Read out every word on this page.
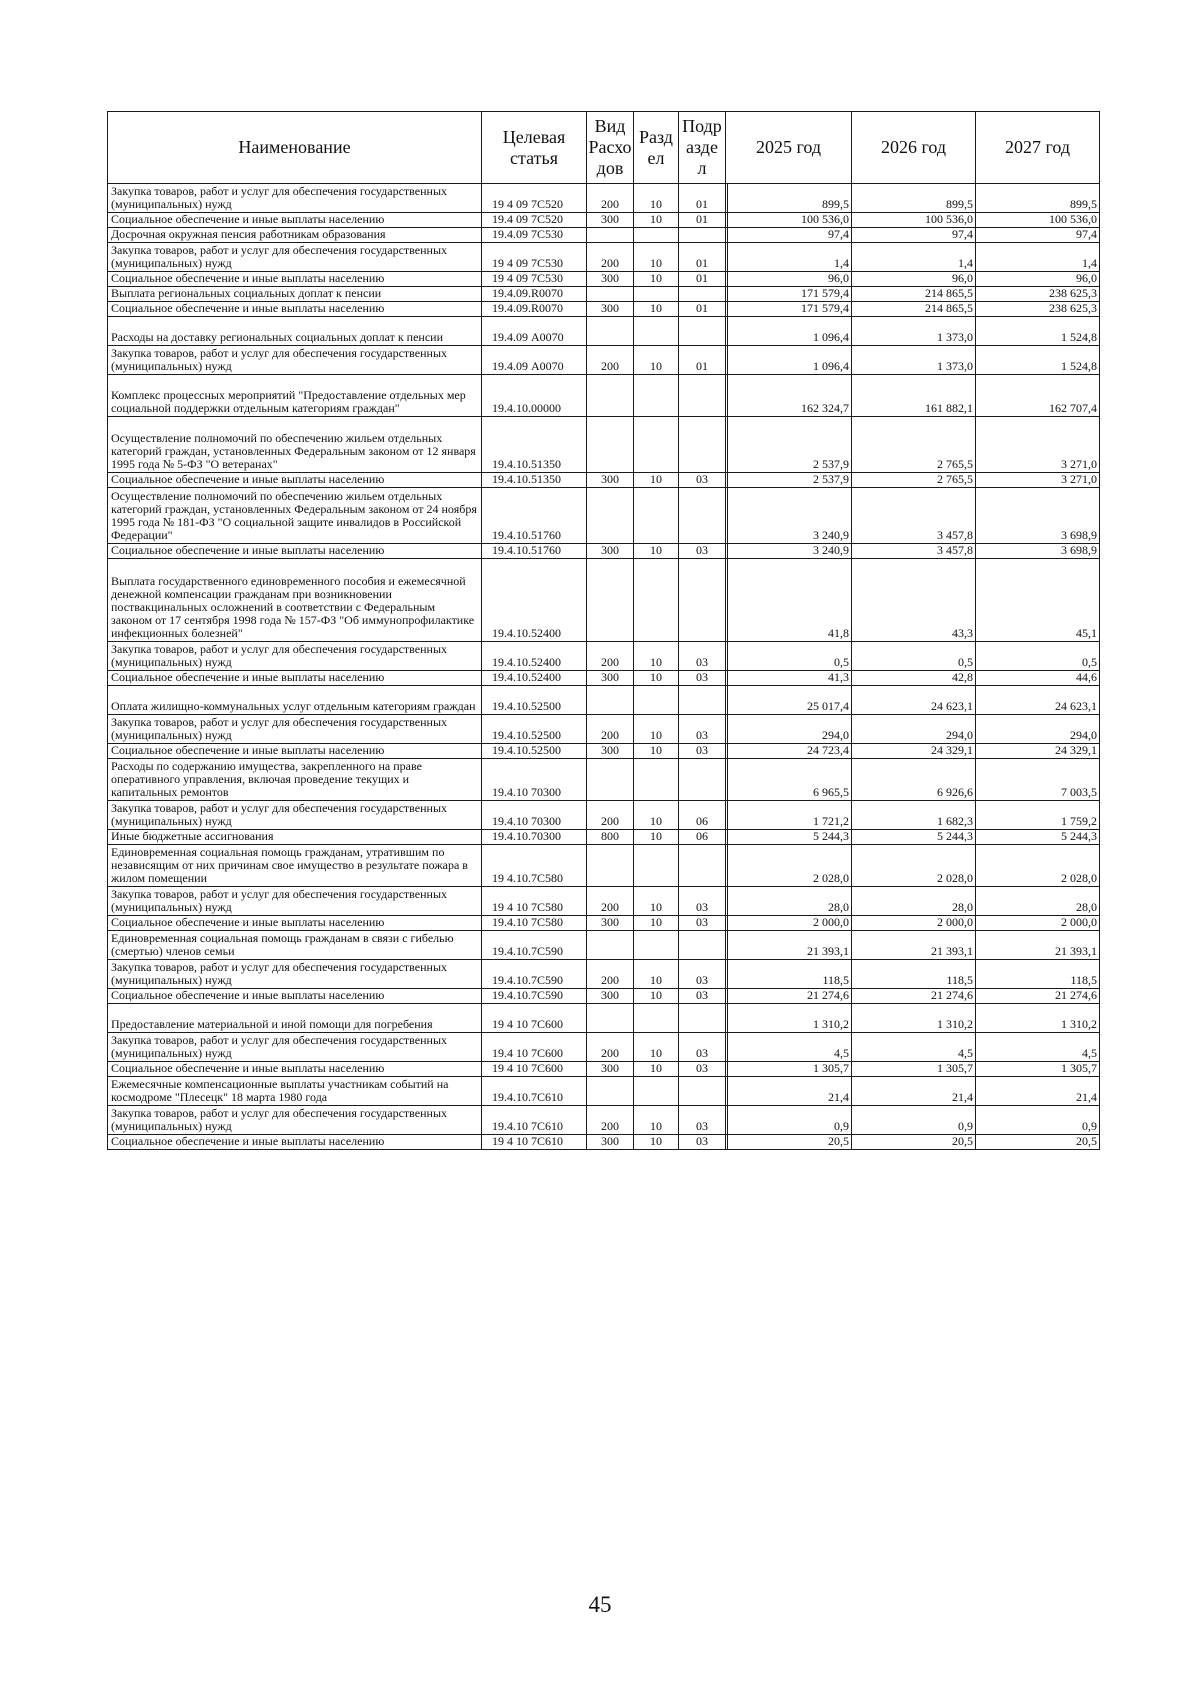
Наименование	Целевая статья	Вид Расхо дов	Разд ел	Подр азде л	2025 год		2026 год	2027 год
Закупка товаров, работ и услуг для обеспечения государственных (муниципальных) нужд	19 4 09 7С520	200	10	01		899,5	899,5	899,5
Социальное обеспечение и иные выплаты населению	19.4 09 7С520	300	10	01		100 536,0	100 536,0	100 536,0
Досрочная окружная пенсия работникам образования	19.4.09 7С530					97,4	97,4	97,4
Закупка товаров, работ и услуг для обеспечения государственных (муниципальных) нужд	19 4 09 7С530	200	10	01		1,4	1,4	1,4
Социальное обеспечение и иные выплаты населению	19 4 09 7С530	300	10	01		96,0	96,0	96,0
Выплата региональных социальных доплат к пенсии	19.4.09.R0070					171 579,4	214 865,5	238 625,3
Социальное обеспечение и иные выплаты населению	19.4.09.R0070	300	10	01		171 579,4	214 865,5	238 625,3
Расходы на доставку региональных социальных доплат к пенсии	19.4.09 А0070					1 096,4	1 373,0	1 524,8
Закупка товаров, работ и услуг для обеспечения государственных (муниципальных) нужд	19.4.09 А0070	200	10	01		1 096,4	1 373,0	1 524,8
Комплекс процессных мероприятий "Предоставление отдельных мер социальной поддержки отдельным категориям граждан"	19.4.10.00000					162 324,7	161 882,1	162 707,4
Осуществление полномочий по обеспечению жильем отдельных категорий граждан, установленных Федеральным законом от 12 января 1995 года № 5-ФЗ "О ветеранах"	19.4.10.51350					2 537,9	2 765,5	3 271,0
Социальное обеспечение и иные выплаты населению	19.4.10.51350	300	10	03		2 537,9	2 765,5	3 271,0
Осуществление полномочий по обеспечению жильем отдельных категорий граждан, установленных Федеральным законом от 24 ноября 1995 года № 181-ФЗ "О социальной защите инвалидов в Российской Федерации"	19.4.10.51760					3 240,9	3 457,8	3 698,9
Социальное обеспечение и иные выплаты населению	19.4.10.51760	300	10	03		3 240,9	3 457,8	3 698,9
Выплата государственного единовременного пособия и ежемесячной денежной компенсации гражданам при возникновении поствакцинальных осложнений в соответствии с Федеральным законом от 17 сентября 1998 года № 157-ФЗ "Об иммунопрофилактике инфекционных болезней"	19.4.10.52400					41,8	43,3	45,1
Закупка товаров, работ и услуг для обеспечения государственных (муниципальных) нужд	19.4.10.52400	200	10	03		0,5	0,5	0,5
Социальное обеспечение и иные выплаты населению	19.4.10.52400	300	10	03		41,3	42,8	44,6
Оплата жилищно-коммунальных услуг отдельным категориям граждан	19.4.10.52500					25 017,4	24 623,1	24 623,1
Закупка товаров, работ и услуг для обеспечения государственных (муниципальных) нужд	19.4.10.52500	200	10	03		294,0	294,0	294,0
Социальное обеспечение и иные выплаты населению	19.4.10.52500	300	10	03		24 723,4	24 329,1	24 329,1
Расходы по содержанию имущества, закрепленного на праве оперативного управления, включая проведение текущих и капитальных ремонтов	19.4.10 70300					6 965,5	6 926,6	7 003,5
Закупка товаров, работ и услуг для обеспечения государственных (муниципальных) нужд	19.4.10 70300	200	10	06		1 721,2	1 682,3	1 759,2
Иные бюджетные ассигнования	19.4.10.70300	800	10	06		5 244,3	5 244,3	5 244,3
Единовременная социальная помощь гражданам, утратившим по независящим от них причинам свое имущество в результате пожара в жилом помещении	19 4.10.7С580					2 028,0	2 028,0	2 028,0
Закупка товаров, работ и услуг для обеспечения государственных (муниципальных) нужд	19 4 10 7С580	200	10	03		28,0	28,0	28,0
Социальное обеспечение и иные выплаты населению	19.4.10 7С580	300	10	03		2 000,0	2 000,0	2 000,0
Единовременная социальная помощь гражданам в связи с гибелью (смертью) членов семьи	19.4.10.7С590					21 393,1	21 393,1	21 393,1
Закупка товаров, работ и услуг для обеспечения государственных (муниципальных) нужд	19.4.10.7С590	200	10	03		118,5	118,5	118,5
Социальное обеспечение и иные выплаты населению	19.4.10.7С590	300	10	03		21 274,6	21 274,6	21 274,6
Предоставление материальной и иной помощи для погребения	19 4 10 7С600					1 310,2	1 310,2	1 310,2
Закупка товаров, работ и услуг для обеспечения государственных (муниципальных) нужд	19.4 10 7С600	200	10	03		4,5	4,5	4,5
Социальное обеспечение и иные выплаты населению	19 4 10 7С600	300	10	03		1 305,7	1 305,7	1 305,7
Ежемесячные компенсационные выплаты участникам событий на космодроме "Плесецк" 18 марта 1980 года	19.4.10.7С610					21,4	21,4	21,4
Закупка товаров, работ и услуг для обеспечения государственных (муниципальных) нужд	19.4.10 7С610	200	10	03		0,9	0,9	0,9
Социальное обеспечение и иные выплаты населению	19 4 10 7С610	300	10	03		20,5	20,5	20,5
45
